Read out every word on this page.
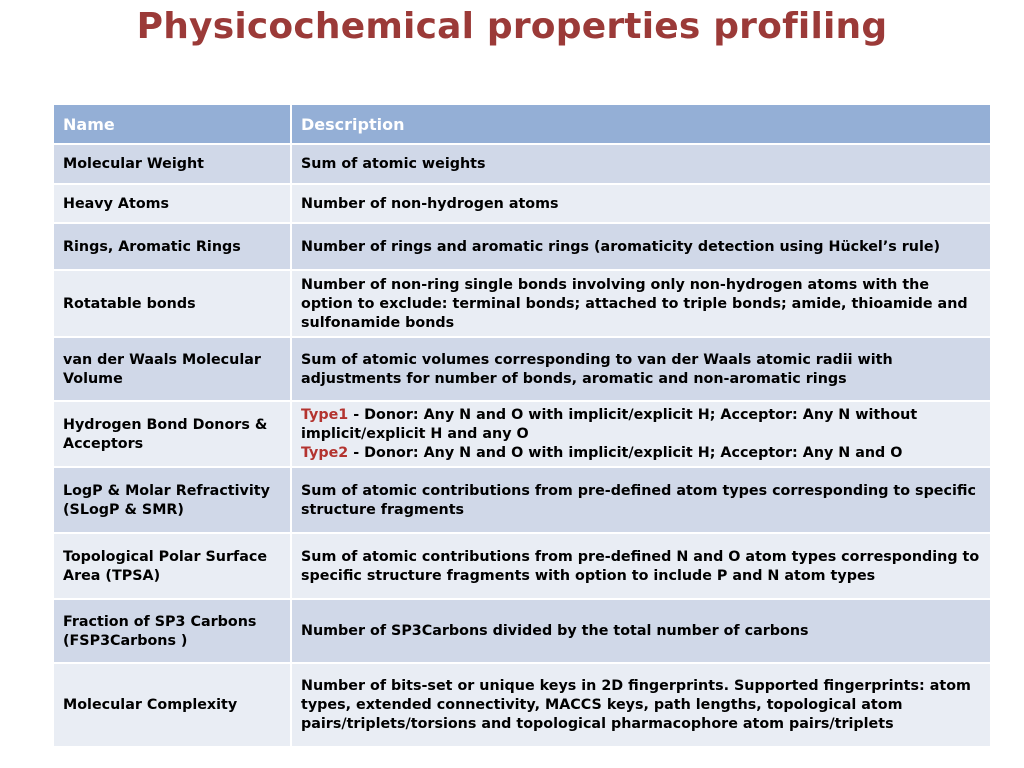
Physicochemical properties profiling
Name	Description
Molecular Weight	Sum of atomic weights
Heavy Atoms	Number of non-hydrogen atoms
Rings, Aromatic Rings	Number of rings and aromatic rings (aromaticity detection using Hückel’s rule)
Rotatable bonds	Number of non-ring single bonds involving only non-hydrogen atoms with the option to exclude: terminal bonds; attached to triple bonds; amide, thioamide and sulfonamide bonds
van der Waals Molecular Volume	Sum of atomic volumes corresponding to van der Waals atomic radii with adjustments for number of bonds, aromatic and non-aromatic rings
Hydrogen Bond Donors & Acceptors	Type1 - Donor: Any N and O with implicit/explicit H; Acceptor: Any N without implicit/explicit H and any O
Type2 - Donor: Any N and O with implicit/explicit H; Acceptor: Any N and O

LogP & Molar Refractivity (SLogP & SMR)	Sum of atomic contributions from pre-defined atom types corresponding to specific structure fragments
Topological Polar Surface Area (TPSA)	Sum of atomic contributions from pre-defined N and O atom types corresponding to specific structure fragments with option to include P and N atom types
Fraction of SP3 Carbons (FSP3Carbons )	Number of SP3Carbons divided by the total number of carbons
Molecular Complexity	Number of bits-set or unique keys in 2D fingerprints. Supported fingerprints: atom types, extended connectivity, MACCS keys, path lengths, topological atom pairs/triplets/torsions and topological pharmacophore atom pairs/triplets
